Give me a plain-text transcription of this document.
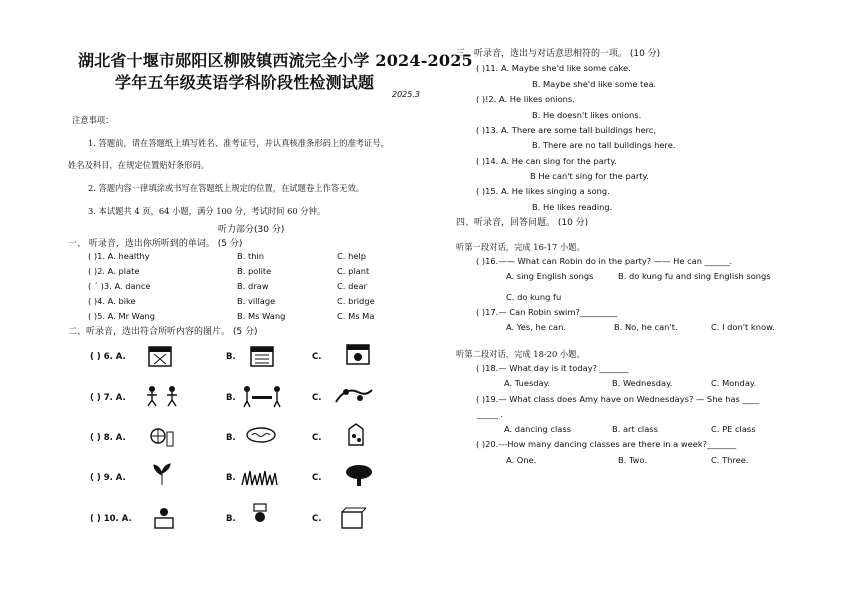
湖北省十堰市郧阳区柳陂镇西流完全小学 2024-2025
学年五年级英语学科阶段性检测试题
2025.3
注意事项：
1. 答题前，请在答题纸上填写姓名、准考证号，并认真核准条形码上的准考证号，
姓名及科目，在规定位置贴好条形码。
2. 答题内容一律填涂或书写在答题纸上规定的位置，在试题卷上作答无效。
3. 本试题共 4 页，64 小题，满分 100 分，考试时间 60 分钟。
听力部分(30 分)
一、 听录音，选出你所听到的单词。 (5 分)
( )1. A. healthy	B. thin	C. help
( )2. A. plate	B. polite	C. plant
( ´ )3. A. dance	B. draw	C. dear
( )4. A. bike	B. village	C. bridge
( )5. A. Mr Wang	B. Ms Wang	C. Ms Ma
二、听录音，选出符合所听内容的图片。 (5 分)
( ) 6. A.	B.	C.
( ) 7. A.	B.	C.
( ) 8. A.	B.	C.
( ) 9. A.	B.	C.
( ) 10. A.	B.	C.
三、听录音，选出与对话意思相符的一项。 (10 分)
( )11. A. Maybe she'd like some cake.
B. Maybe she'd like some tea.
( )!2. A. He likes onions.
B. He doesn't likes onions.
( )13. A. There are some tall buildings herc,
B. There are no tall buildings here.
( )14. A. He can sing for the party.
B He can't sing for the party.
( )15. A. He likes singing a song.
B. He likes reading.
四、听录音，回答问题。 (10 分)
听第一段对话，完成 16-17 小题。
( )16.—— What can Robin do in the party? —— He can ______.
A. sing English songs	B. do kung fu and sing English songs
C. do kung fu
( )17.— Can Robin swim?_________
A. Yes, he can.	B. No, he can't.	C. I don't know.
听第二段对话，完成 18-20 小题。
( )18.— What day is it today? _______
A. Tuesday.	B. Wednesday.	C. Monday.
( )19.— What class does Amy have on Wednesdays? — She has ____
_____ .
A. dancing class	B. art class	C. PE class
( )20.---How many dancing classes are there in a week?_______
A. One.	B. Two.	C. Three.
